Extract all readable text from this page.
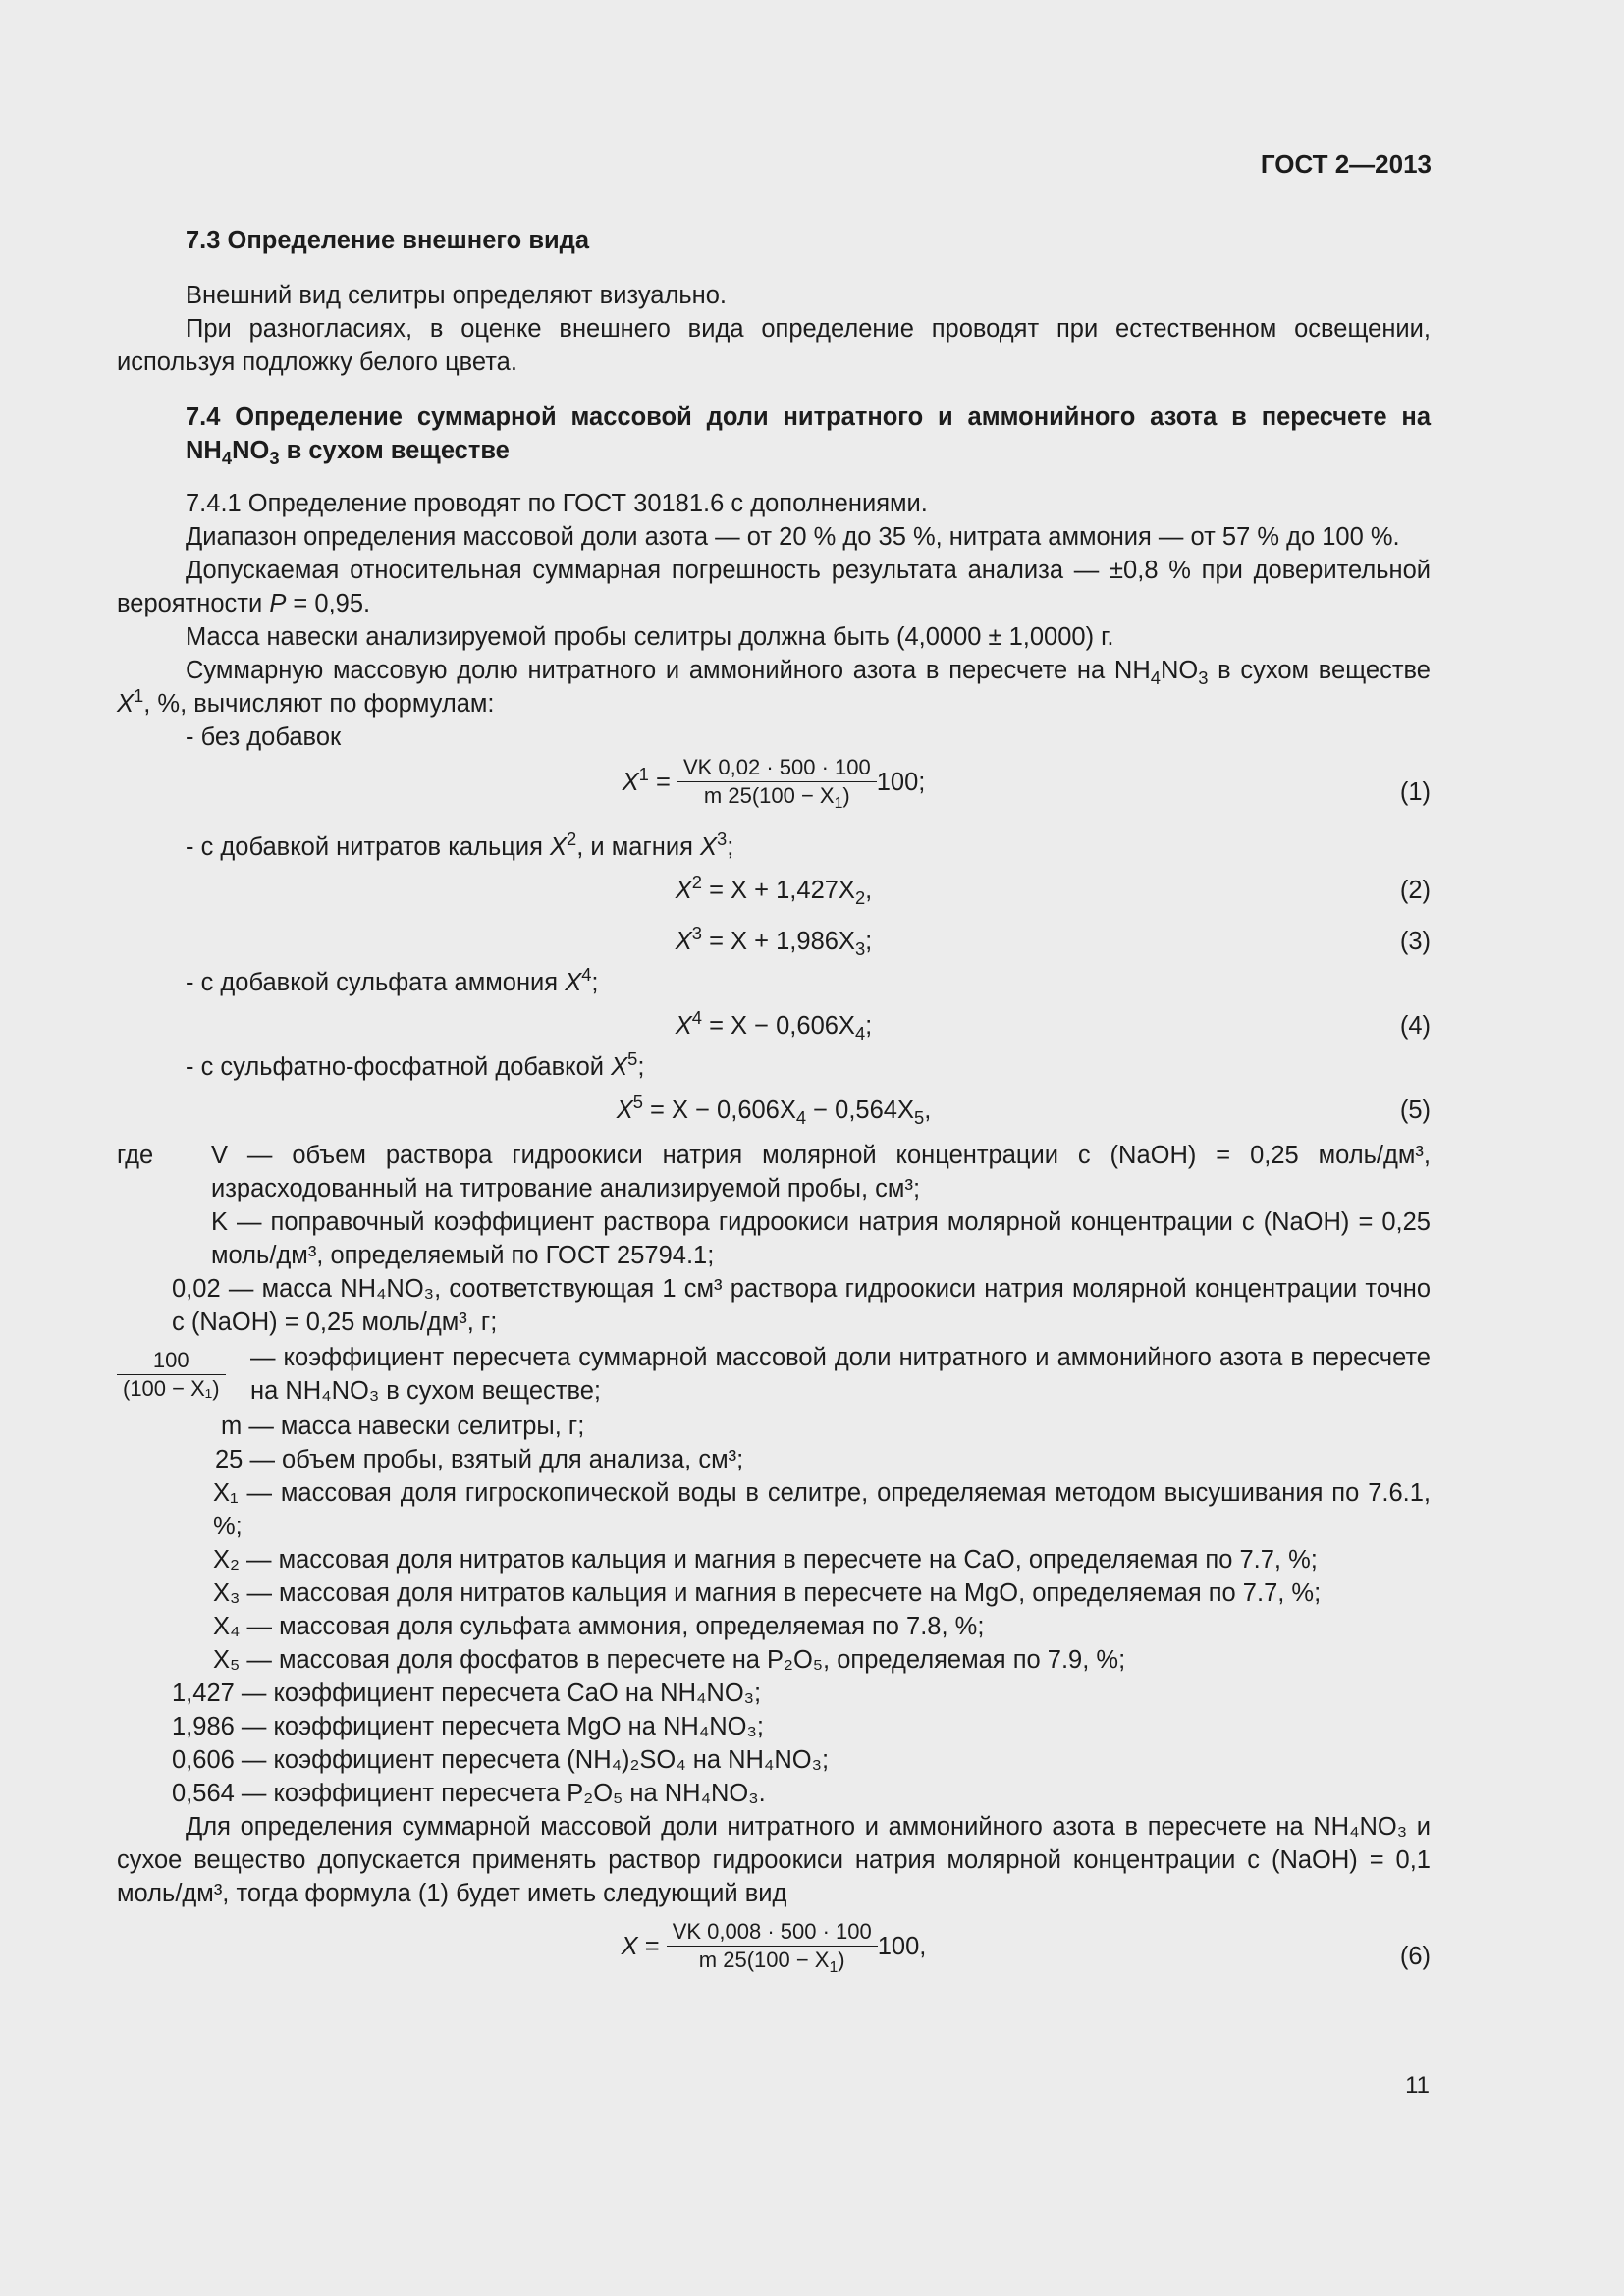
ГОСТ 2—2013

7.3 Определение внешнего вида

Внешний вид селитры определяют визуально.

При разногласиях, в оценке внешнего вида определение проводят при естественном освещении, используя подложку белого цвета.

7.4 Определение суммарной массовой доли нитратного и аммонийного азота в пересчете на $NH_4NO_3$ в сухом веществе

7.4.1 Определение проводят по ГОСТ 30181.6 с дополнениями.

Диапазон определения массовой доли азота — от 20 % до 35 %, нитрата аммония — от 57 % до 100 %.

Допускаемая относительная суммарная погрешность результата анализа — ±0,8 % при доверительной вероятности P = 0,95.

Масса навески анализируемой пробы селитры должна быть (4,0000 ± 1,0000) г.

Суммарную массовую долю нитратного и аммонийного азота в пересчете на $NH_4NO_3$ в сухом веществе $X^1$, %, вычисляют по формулам:

- без добавок

$X^1 = \frac{VK 0,02 \cdot 500 \cdot 100}{m 25(100 - X_1)} 100$;	(1)

- с добавкой нитратов кальция $X^2$, и магния $X^3$;

$X^2 = X + 1,427X_2$,	(2)
$X^3 = X + 1,986X_3$;	(3)

- с добавкой сульфата аммония $X^4$;

$X^4 = X - 0,606X_4$;	(4)

- с сульфатно-фосфатной добавкой $X^5$;

$X^5 = X - 0,606X_4 - 0,564X_5$,	(5)
где V — объем раствора гидроокиси натрия молярной концентрации c (NaOH) = 0,25 моль/дм³, израсходованный на титрование анализируемой пробы, см³;
K — поправочный коэффициент раствора гидроокиси натрия молярной концентрации c (NaOH) = 0,25 моль/дм³, определяемый по ГОСТ 25794.1;
0,02 — масса NH₄NO₃, соответствующая 1 см³ раствора гидроокиси натрия молярной концентрации точно c (NaOH) = 0,25 моль/дм³, г;
$\frac{100}{\text{(100 − X₁)}}$ — коэффициент пересчета суммарной массовой доли нитратного и аммонийного азота в пересчете на NH₄NO₃ в сухом веществе;
m — масса навески селитры, г;
25 — объем пробы, взятый для анализа, см³;
X₁ — массовая доля гигроскопической воды в селитре, определяемая методом высушивания по 7.6.1, %;
X₂ — массовая доля нитратов кальция и магния в пересчете на CaO, определяемая по 7.7, %;
X₃ — массовая доля нитратов кальция и магния в пересчете на MgO, определяемая по 7.7, %;
X₄ — массовая доля сульфата аммония, определяемая по 7.8, %;
X₅ — массовая доля фосфатов в пересчете на P₂O₅, определяемая по 7.9, %;
1,427 — коэффициент пересчета CaO на NH₄NO₃;
1,986 — коэффициент пересчета MgO на NH₄NO₃;
0,606 — коэффициент пересчета (NH₄)₂SO₄ на NH₄NO₃;
0,564 — коэффициент пересчета P₂O₅ на NH₄NO₃.

Для определения суммарной массовой доли нитратного и аммонийного азота в пересчете на NH₄NO₃ и сухое вещество допускается применять раствор гидроокиси натрия молярной концентрации c (NaOH) = 0,1 моль/дм³, тогда формула (1) будет иметь следующий вид

$X = \frac{VK 0,008 \cdot 500 \cdot 100}{m 25(100 - X_1)} 100$,	(6)
11
